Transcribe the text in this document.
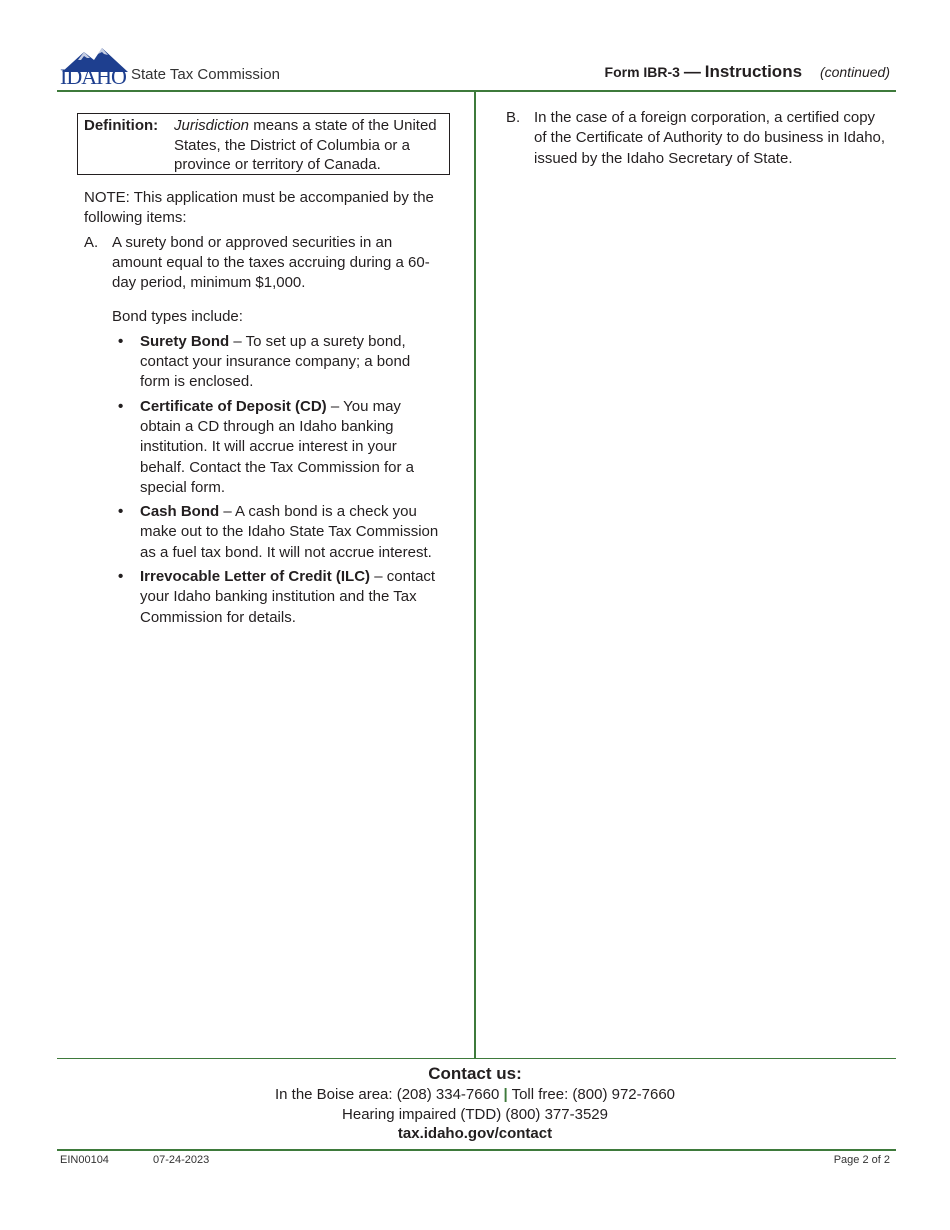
IDAHO State Tax Commission	Form IBR-3 — Instructions (continued)
Definition: Jurisdiction means a state of the United States, the District of Columbia or a province or territory of Canada.

NOTE: This application must be accompanied by the following items:

A. A surety bond or approved securities in an amount equal to the taxes accruing during a 60-day period, minimum $1,000.

Bond types include:

• Surety Bond – To set up a surety bond, contact your insurance company; a bond form is enclosed.
• Certificate of Deposit (CD) – You may obtain a CD through an Idaho banking institution. It will accrue interest in your behalf. Contact the Tax Commission for a special form.
• Cash Bond – A cash bond is a check you make out to the Idaho State Tax Commission as a fuel tax bond. It will not accrue interest.
• Irrevocable Letter of Credit (ILC) – contact your Idaho banking institution and the Tax Commission for details.
B. In the case of a foreign corporation, a certified copy of the Certificate of Authority to do business in Idaho, issued by the Idaho Secretary of State.

Contact us:
In the Boise area: (208) 334-7660 | Toll free: (800) 972-7660
Hearing impaired (TDD) (800) 377-3529
tax.idaho.gov/contact
EIN00104	07-24-2023	Page 2 of 2
